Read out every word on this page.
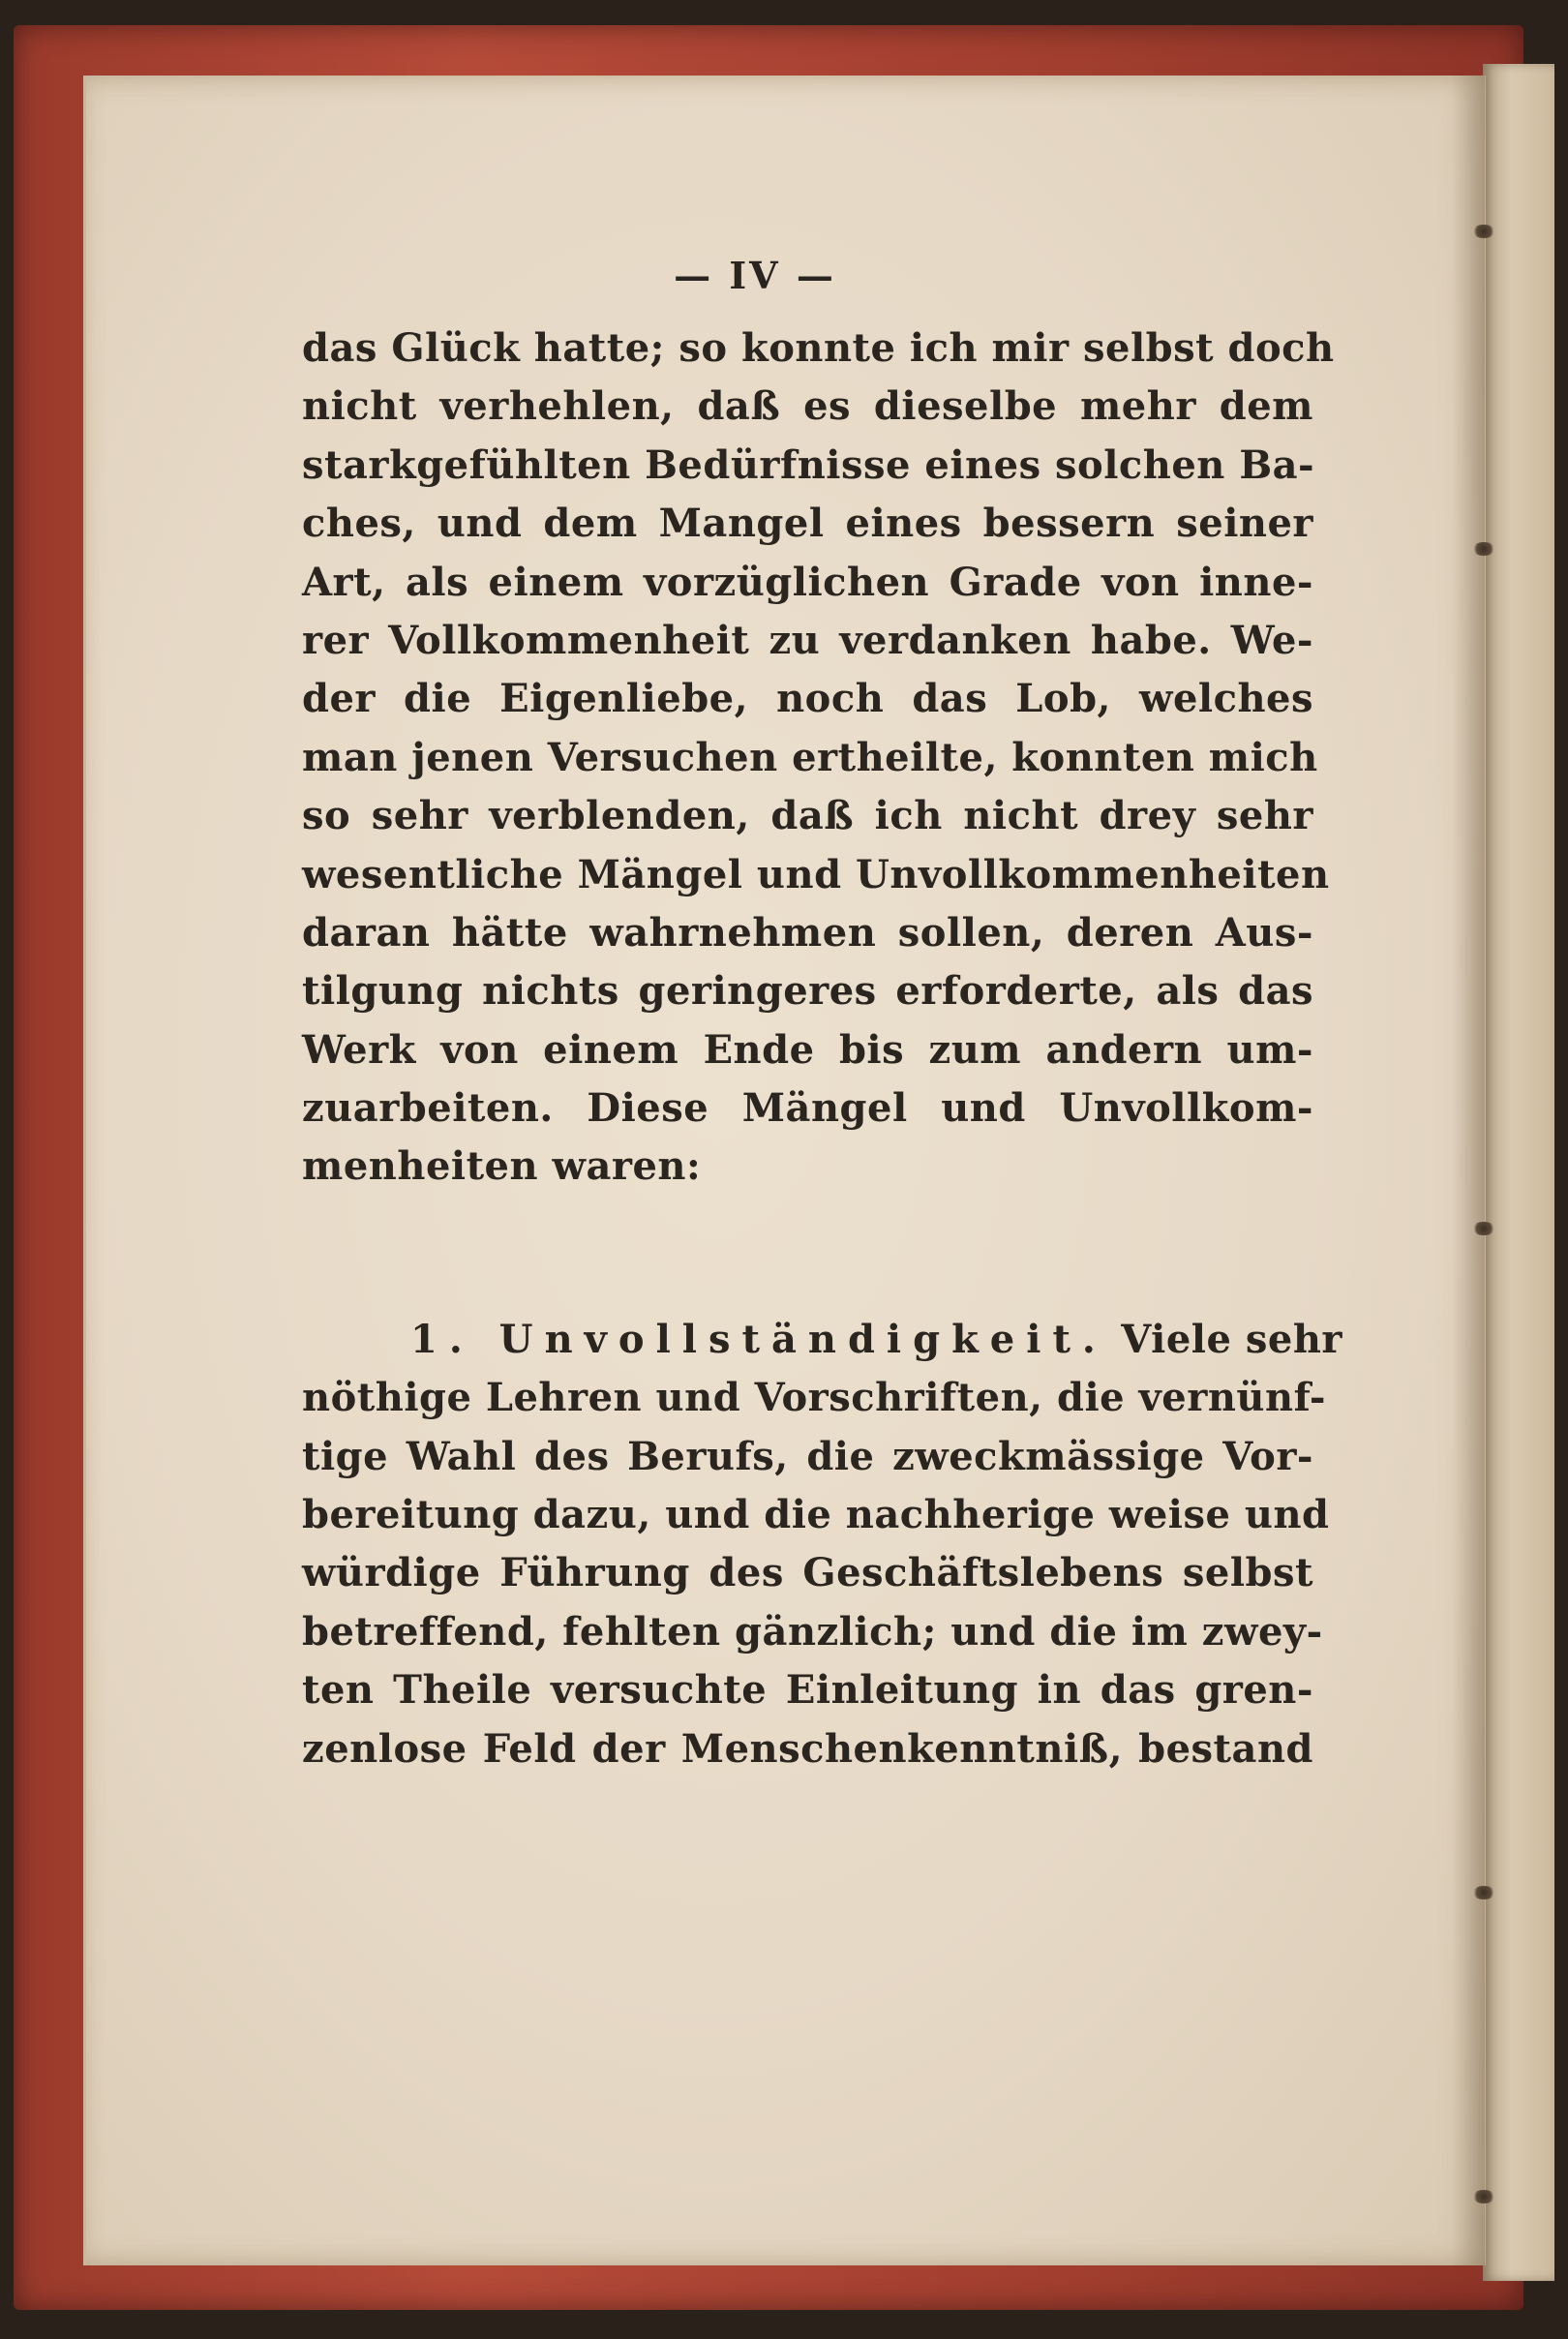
— IV —
das Glück hatte; so konnte ich mir selbst doch
nicht verhehlen, daß es dieselbe mehr dem
starkgefühlten Bedürfnisse eines solchen Ba-
ches, und dem Mangel eines bessern seiner
Art, als einem vorzüglichen Grade von inne-
rer Vollkommenheit zu verdanken habe. We-
der die Eigenliebe, noch das Lob, welches
man jenen Versuchen ertheilte, konnten mich
so sehr verblenden, daß ich nicht drey sehr
wesentliche Mängel und Unvollkommenheiten
daran hätte wahrnehmen sollen, deren Aus-
tilgung nichts geringeres erforderte, als das
Werk von einem Ende bis zum andern um-
zuarbeiten. Diese Mängel und Unvollkom-
menheiten waren:
1. Unvollständigkeit. Viele sehr
nöthige Lehren und Vorschriften, die vernünf-
tige Wahl des Berufs, die zweckmässige Vor-
bereitung dazu, und die nachherige weise und
würdige Führung des Geschäftslebens selbst
betreffend, fehlten gänzlich; und die im zwey-
ten Theile versuchte Einleitung in das gren-
zenlose Feld der Menschenkenntniß, bestand
